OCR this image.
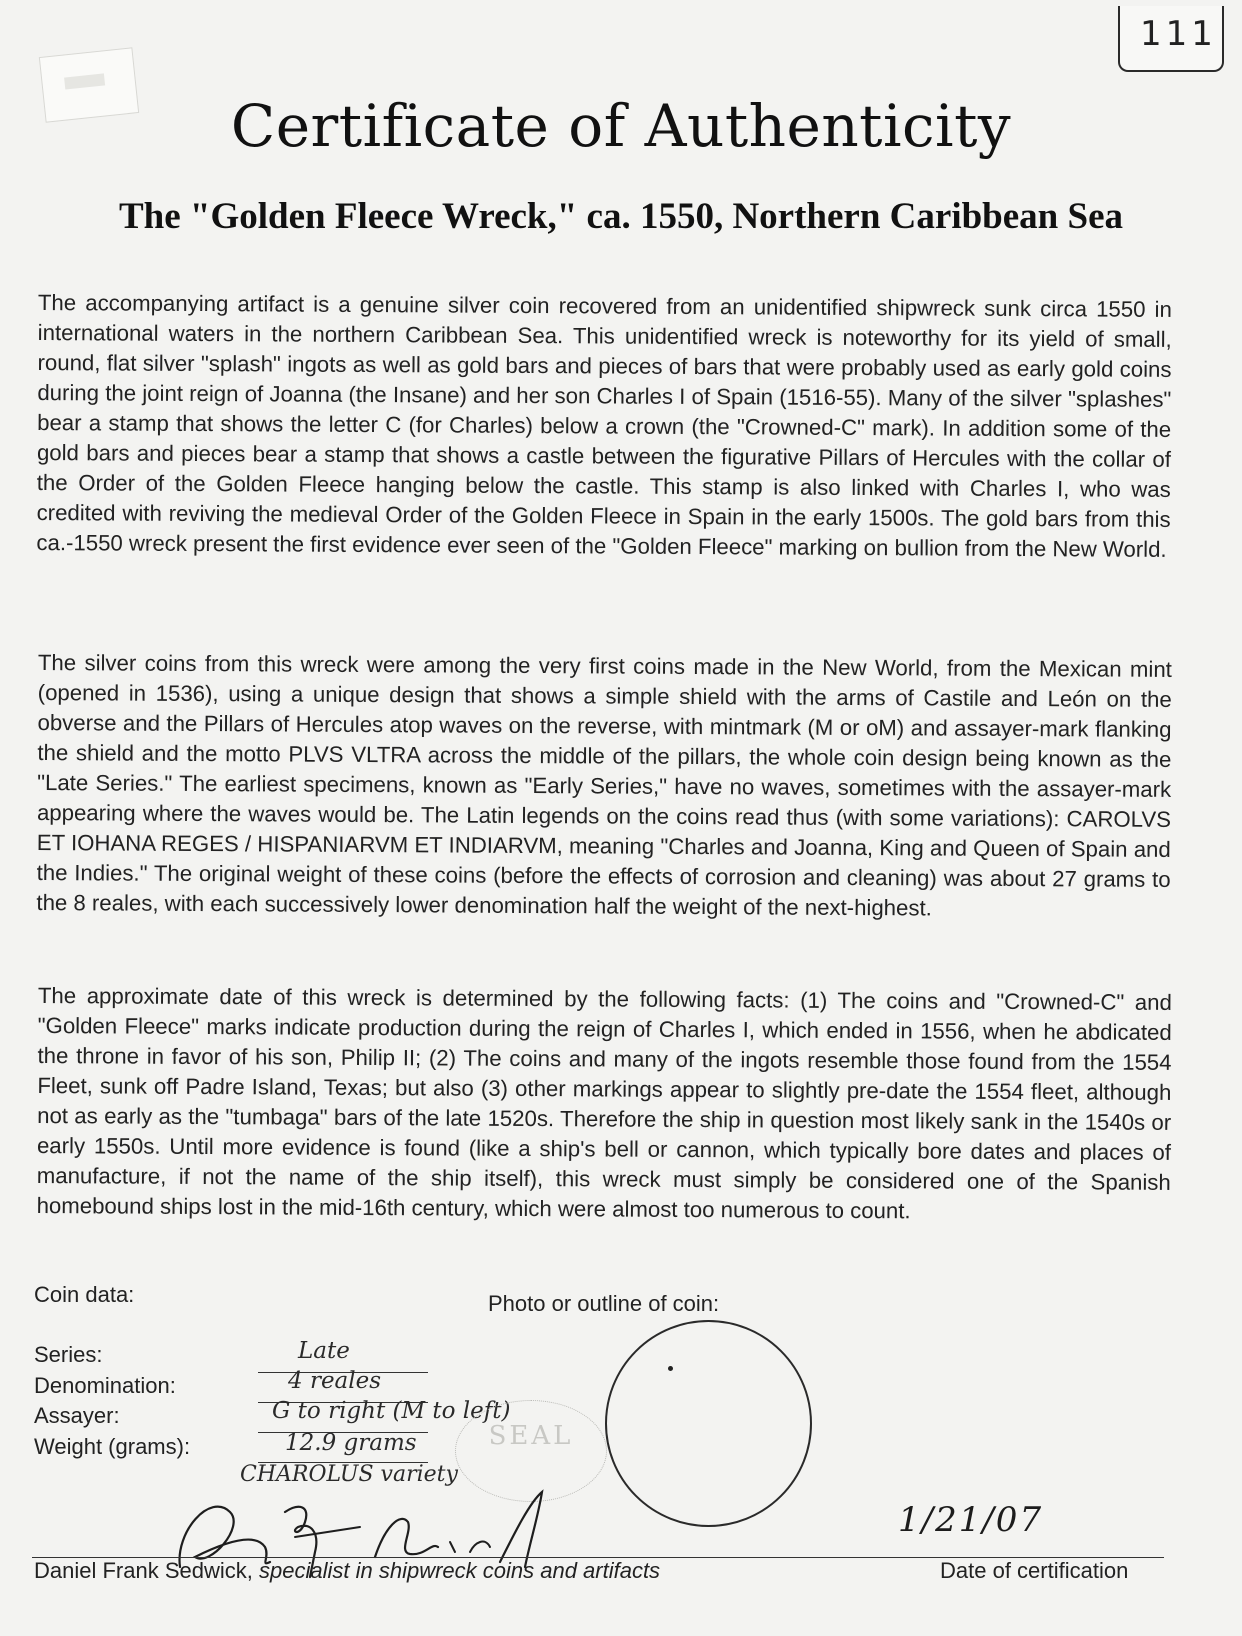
111
Certificate of Authenticity
The "Golden Fleece Wreck," ca. 1550, Northern Caribbean Sea

The accompanying artifact is a genuine silver coin recovered from an unidentified shipwreck sunk circa 1550 in international waters in the northern Caribbean Sea. This unidentified wreck is noteworthy for its yield of small, round, flat silver "splash" ingots as well as gold bars and pieces of bars that were probably used as early gold coins during the joint reign of Joanna (the Insane) and her son Charles I of Spain (1516-55). Many of the silver "splashes" bear a stamp that shows the letter C (for Charles) below a crown (the "Crowned-C" mark). In addition some of the gold bars and pieces bear a stamp that shows a castle between the figurative Pillars of Hercules with the collar of the Order of the Golden Fleece hanging below the castle. This stamp is also linked with Charles I, who was credited with reviving the medieval Order of the Golden Fleece in Spain in the early 1500s. The gold bars from this ca.-1550 wreck present the first evidence ever seen of the "Golden Fleece" marking on bullion from the New World.

The silver coins from this wreck were among the very first coins made in the New World, from the Mexican mint (opened in 1536), using a unique design that shows a simple shield with the arms of Castile and León on the obverse and the Pillars of Hercules atop waves on the reverse, with mintmark (M or oM) and assayer-mark flanking the shield and the motto PLVS VLTRA across the middle of the pillars, the whole coin design being known as the "Late Series." The earliest specimens, known as "Early Series," have no waves, sometimes with the assayer-mark appearing where the waves would be. The Latin legends on the coins read thus (with some variations): CAROLVS ET IOHANA REGES / HISPANIARVM ET INDIARVM, meaning "Charles and Joanna, King and Queen of Spain and the Indies." The original weight of these coins (before the effects of corrosion and cleaning) was about 27 grams to the 8 reales, with each successively lower denomination half the weight of the next-highest.

The approximate date of this wreck is determined by the following facts: (1) The coins and "Crowned-C" and "Golden Fleece" marks indicate production during the reign of Charles I, which ended in 1556, when he abdicated the throne in favor of his son, Philip II; (2) The coins and many of the ingots resemble those found from the 1554 Fleet, sunk off Padre Island, Texas; but also (3) other markings appear to slightly pre-date the 1554 fleet, although not as early as the "tumbaga" bars of the late 1520s. Therefore the ship in question most likely sank in the 1540s or early 1550s. Until more evidence is found (like a ship's bell or cannon, which typically bore dates and places of manufacture, if not the name of the ship itself), this wreck must simply be considered one of the Spanish homebound ships lost in the mid-16th century, which were almost too numerous to count.

Coin data:	Photo or outline of coin:
Series:	Late
Denomination:	4 reales
Assayer:	G to right (M to left)
Weight (grams):	12.9 grams
CHAROLUS variety
SEAL
1/21/07
Daniel Frank Sedwick, specialist in shipwreck coins and artifacts	Date of certification
